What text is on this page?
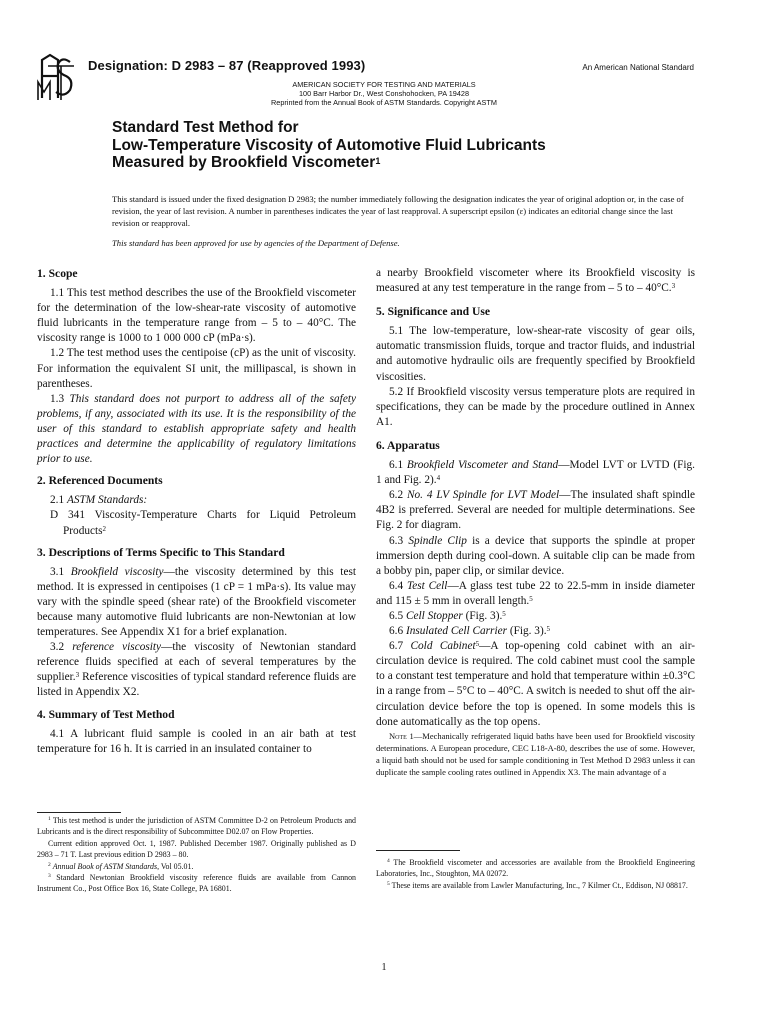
Designation: D 2983 – 87 (Reapproved 1993)	An American National Standard
AMERICAN SOCIETY FOR TESTING AND MATERIALS
100 Barr Harbor Dr., West Conshohocken, PA 19428
Reprinted from the Annual Book of ASTM Standards. Copyright ASTM
Standard Test Method for
Low-Temperature Viscosity of Automotive Fluid Lubricants
Measured by Brookfield Viscometer$^1$
This standard is issued under the fixed designation D 2983; the number immediately following the designation indicates the year of original adoption or, in the case of revision, the year of last revision. A number in parentheses indicates the year of last reapproval. A superscript epsilon (ε) indicates an editorial change since the last revision or reapproval.
This standard has been approved for use by agencies of the Department of Defense.
1. Scope

1.1 This test method describes the use of the Brookfield viscometer for the determination of the low-shear-rate viscosity of automotive fluid lubricants in the temperature range from – 5 to – 40°C. The viscosity range is 1000 to 1 000 000 cP (mPa·s).

1.2 The test method uses the centipoise (cP) as the unit of viscosity. For information the equivalent SI unit, the millipascal, is shown in parentheses.

1.3 This standard does not purport to address all of the safety problems, if any, associated with its use. It is the responsibility of the user of this standard to establish appropriate safety and health practices and determine the applicability of regulatory limitations prior to use.

2. Referenced Documents

2.1 ASTM Standards:

D 341 Viscosity-Temperature Charts for Liquid Petroleum Products$^2$

3. Descriptions of Terms Specific to This Standard

3.1 Brookfield viscosity—the viscosity determined by this test method. It is expressed in centipoises (1 cP = 1 mPa·s). Its value may vary with the spindle speed (shear rate) of the Brookfield viscometer because many automotive fluid lubricants are non-Newtonian at low temperatures. See Appendix X1 for a brief explanation.

3.2 reference viscosity—the viscosity of Newtonian standard reference fluids specified at each of several temperatures by the supplier.$^3$ Reference viscosities of typical standard reference fluids are listed in Appendix X2.

4. Summary of Test Method

4.1 A lubricant fluid sample is cooled in an air bath at test temperature for 16 h. It is carried in an insulated container to

a nearby Brookfield viscometer where its Brookfield viscosity is measured at any test temperature in the range from – 5 to – 40°C.$^3$

5. Significance and Use

5.1 The low-temperature, low-shear-rate viscosity of gear oils, automatic transmission fluids, torque and tractor fluids, and industrial and automotive hydraulic oils are frequently specified by Brookfield viscosities.

5.2 If Brookfield viscosity versus temperature plots are required in specifications, they can be made by the procedure outlined in Annex A1.

6. Apparatus

6.1 Brookfield Viscometer and Stand—Model LVT or LVTD (Fig. 1 and Fig. 2).$^4$

6.2 No. 4 LV Spindle for LVT Model—The insulated shaft spindle 4B2 is preferred. Several are needed for multiple determinations. See Fig. 2 for diagram.

6.3 Spindle Clip is a device that supports the spindle at proper immersion depth during cool-down. A suitable clip can be made from a bobby pin, paper clip, or similar device.

6.4 Test Cell—A glass test tube 22 to 22.5-mm in inside diameter and 115 ± 5 mm in overall length.$^5$

6.5 Cell Stopper (Fig. 3).$^5$

6.6 Insulated Cell Carrier (Fig. 3).$^5$

6.7 Cold Cabinet$^5$—A top-opening cold cabinet with an air-circulation device is required. The cold cabinet must cool the sample to a constant test temperature and hold that temperature within ±0.3°C in a range from – 5°C to – 40°C. A switch is needed to shut off the air-circulation device before the top is opened. In some models this is done automatically as the top opens.

Note 1—Mechanically refrigerated liquid baths have been used for Brookfield viscosity determinations. A European procedure, CEC L18-A-80, describes the use of some. However, a liquid bath should not be used for sample conditioning in Test Method D 2983 unless it can duplicate the sample cooling rates outlined in Appendix X3. The main advantage of a

$^1$ This test method is under the jurisdiction of ASTM Committee D-2 on Petroleum Products and Lubricants and is the direct responsibility of Subcommittee D02.07 on Flow Properties.

Current edition approved Oct. 1, 1987. Published December 1987. Originally published as D 2983 – 71 T. Last previous edition D 2983 – 80.

$^2$ Annual Book of ASTM Standards, Vol 05.01.

$^3$ Standard Newtonian Brookfield viscosity reference fluids are available from Cannon Instrument Co., Post Office Box 16, State College, PA 16801.

$^4$ The Brookfield viscometer and accessories are available from the Brookfield Engineering Laboratories, Inc., Stoughton, MA 02072.

$^5$ These items are available from Lawler Manufacturing, Inc., 7 Kilmer Ct., Eddison, NJ 08817.

1
